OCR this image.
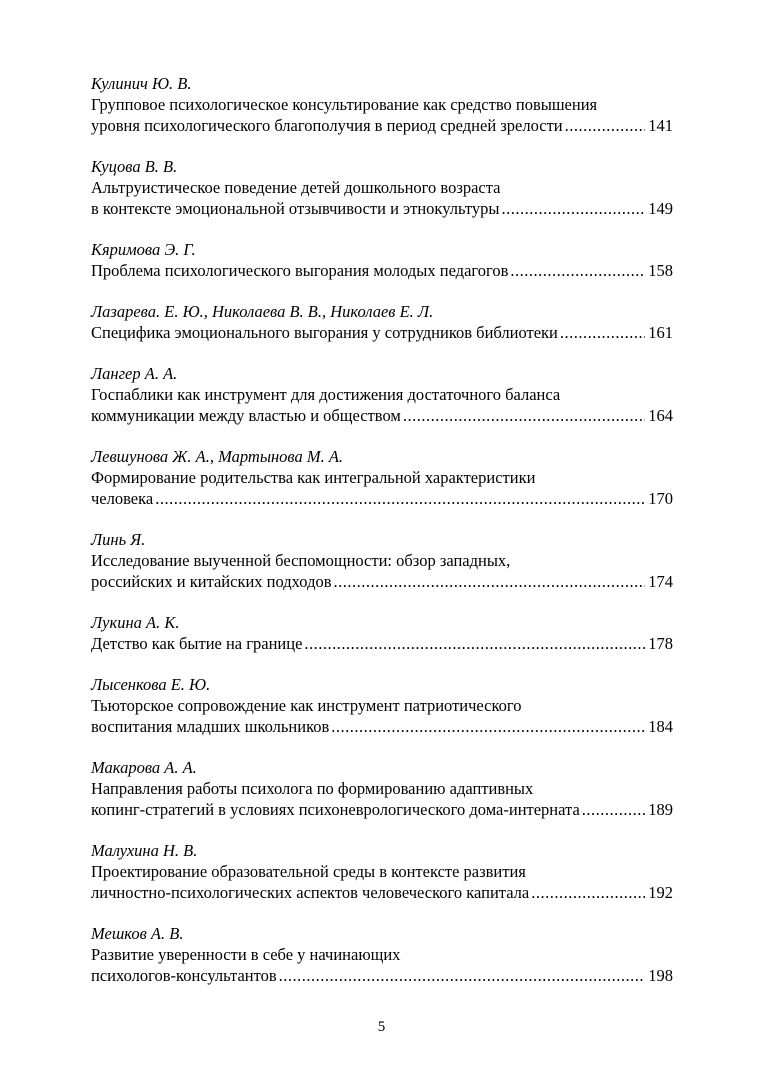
Кулинич Ю. В.
Групповое психологическое консультирование как средство повышения
уровня психологического благополучия в период средней зрелости .....	141
Куцова В. В.
Альтруистическое поведение детей дошкольного возраста
в контексте эмоциональной отзывчивости и этнокультуры .....	149
Кяримова Э. Г.
Проблема психологического выгорания молодых педагогов .....	158
Лазарева. Е. Ю., Николаева В. В., Николаев Е. Л.
Специфика эмоционального выгорания у сотрудников библиотеки .....	161
Лангер А. А.
Госпаблики как инструмент для достижения достаточного баланса
коммуникации между властью и обществом .....	164
Левшунова Ж. А., Мартынова М. А.
Формирование родительства как интегральной характеристики
человека .....	170
Линь Я.
Исследование выученной беспомощности: обзор западных,
российских и китайских подходов .....	174
Лукина А. К.
Детство как бытие на границе .....	178
Лысенкова Е. Ю.
Тьюторское сопровождение как инструмент патриотического
воспитания младших школьников .....	184
Макарова А. А.
Направления работы психолога по формированию адаптивных
копинг-стратегий в условиях психоневрологического дома-интерната .....	189
Малухина Н. В.
Проектирование образовательной среды в контексте развития
личностно-психологических аспектов человеческого капитала .....	192
Мешков А. В.
Развитие уверенности в себе у начинающих
психологов-консультантов .....	198
5
